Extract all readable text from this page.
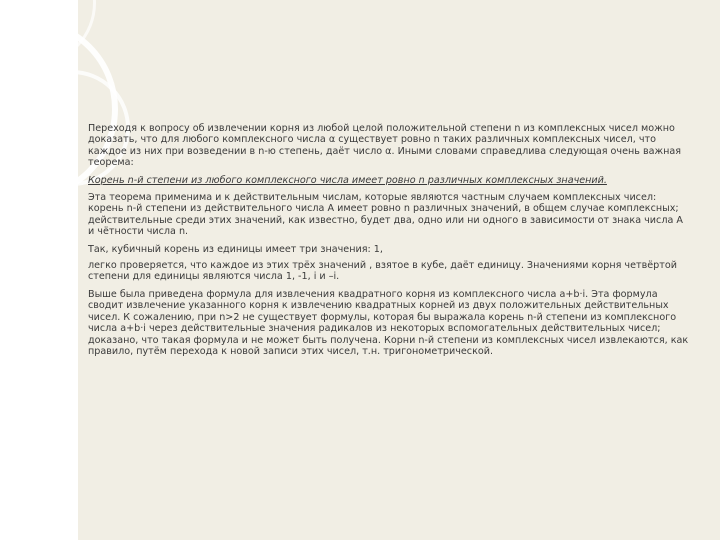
Переходя к вопросу об извлечении корня из любой целой положительной степени n из комплексных чисел можно доказать, что для любого комплексного числа α существует ровно n таких различных комплексных чисел, что каждое из них при возведении в n-ю степень, даёт число α. Иными словами справедлива следующая очень важная теорема:

Корень n-й степени из любого комплексного числа имеет ровно n различных комплексных значений.

Эта теорема применима и к действительным числам, которые являются частным случаем комплексных чисел: корень n-й степени из действительного числа A имеет ровно n различных значений, в общем случае комплексных; действительные среди этих значений, как известно, будет два, одно или ни одного в зависимости от знака числа A и чётности числа n.

Так, кубичный корень из единицы имеет три значения: 1,

легко проверяется, что каждое из этих трёх значений , взятое в кубе, даёт единицу. Значениями корня четвёртой степени для единицы являются числа 1, -1, i и –i.

Выше была приведена формула для извлечения квадратного корня из комплексного числа a+b·i. Эта формула сводит извлечение указанного корня к извлечению квадратных корней из двух положительных действительных чисел. К сожалению, при n>2 не существует формулы, которая бы выражала корень n-й степени из комплексного числа a+b·i через действительные значения радикалов из некоторых вспомогательных действительных чисел; доказано, что такая формула и не может быть получена. Корни n-й степени из комплексных чисел извлекаются, как правило, путём перехода к новой записи этих чисел, т.н. тригонометрической.
